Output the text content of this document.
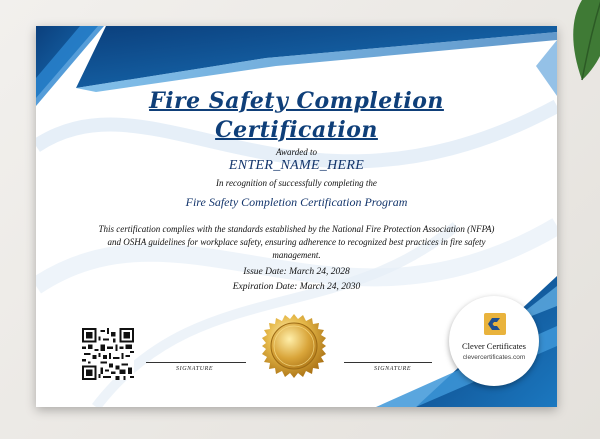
Fire Safety Completion
Certification
Awarded to
ENTER_NAME_HERE
In recognition of successfully completing the
Fire Safety Completion Certification Program
This certification complies with the standards established by the National Fire Protection Association (NFPA) and OSHA guidelines for workplace safety, ensuring adherence to recognized best practices in fire safety management.
Issue Date: March 24, 2028
Expiration Date: March 24, 2030
SIGNATURE	SIGNATURE
Clever Certificates
clevercertificates.com
